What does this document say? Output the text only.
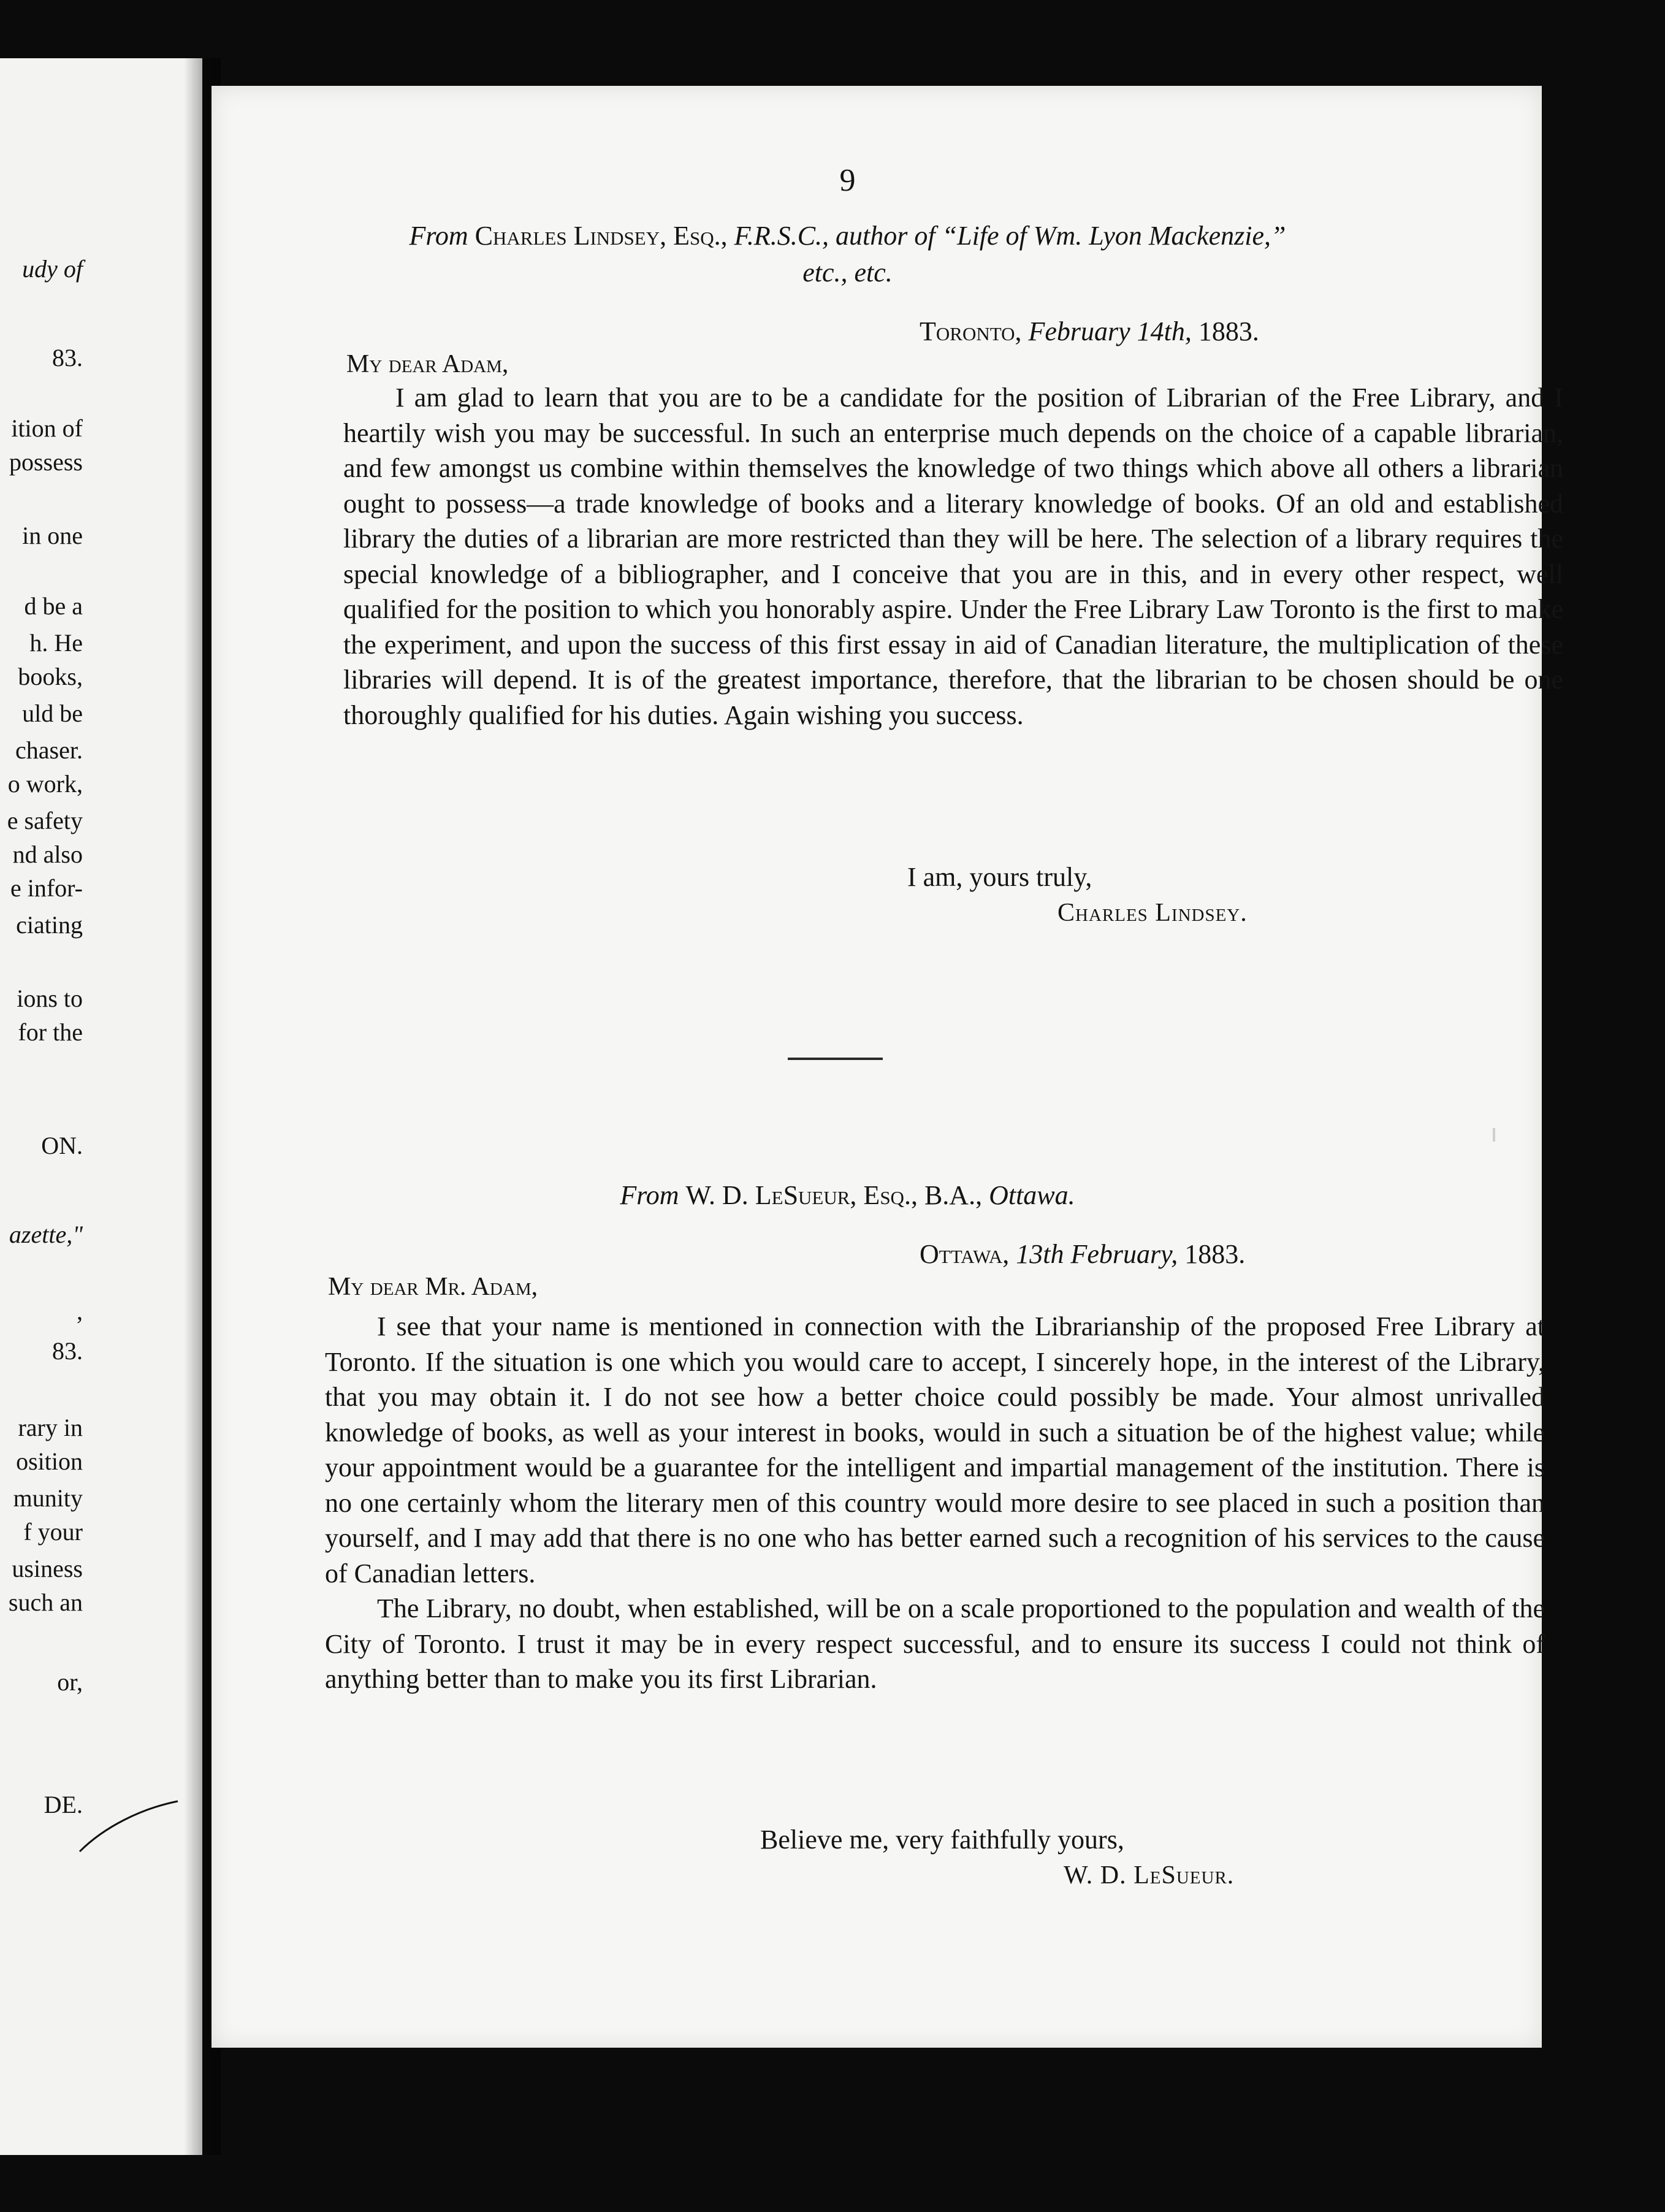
udy of
83.
ition of
possess
in one
d be a
h. He
books,
uld be
chaser.
o work,
e safety
nd also
e infor-
ciating
ions to
for the
ON.
azette,"
,
83.
rary in
osition
munity
f your
usiness
such an
or,
DE.
9
From Charles Lindsey, Esq., F.R.S.C., author of “Life of Wm. Lyon Mackenzie,”
etc., etc.
Toronto, February 14th, 1883.
My dear Adam,

I am glad to learn that you are to be a candidate for the position of Librarian of the Free Library, and I heartily wish you may be successful. In such an enterprise much depends on the choice of a capable librarian, and few amongst us combine within themselves the knowledge of two things which above all others a librarian ought to possess—a trade knowledge of books and a literary knowledge of books. Of an old and established library the duties of a librarian are more restricted than they will be here. The selection of a library requires the special knowledge of a bibliographer, and I conceive that you are in this, and in every other respect, well qualified for the position to which you honorably aspire. Under the Free Library Law Toronto is the first to make the experiment, and upon the success of this first essay in aid of Canadian literature, the multiplication of these libraries will depend. It is of the greatest importance, therefore, that the librarian to be chosen should be one thoroughly qualified for his duties. Again wishing you success.

I am, yours truly,
Charles Lindsey.
From W. D. LeSueur, Esq., B.A., Ottawa.
Ottawa, 13th February, 1883.
My dear Mr. Adam,

I see that your name is mentioned in connection with the Librarianship of the proposed Free Library at Toronto. If the situation is one which you would care to accept, I sincerely hope, in the interest of the Library, that you may obtain it. I do not see how a better choice could possibly be made. Your almost unrivalled knowledge of books, as well as your interest in books, would in such a situation be of the highest value; while your appointment would be a guarantee for the intelligent and impartial management of the institution. There is no one certainly whom the literary men of this country would more desire to see placed in such a position than yourself, and I may add that there is no one who has better earned such a recognition of his services to the cause of Canadian letters.

The Library, no doubt, when established, will be on a scale proportioned to the population and wealth of the City of Toronto. I trust it may be in every respect successful, and to ensure its success I could not think of anything better than to make you its first Librarian.

Believe me, very faithfully yours,
W. D. LeSueur.
